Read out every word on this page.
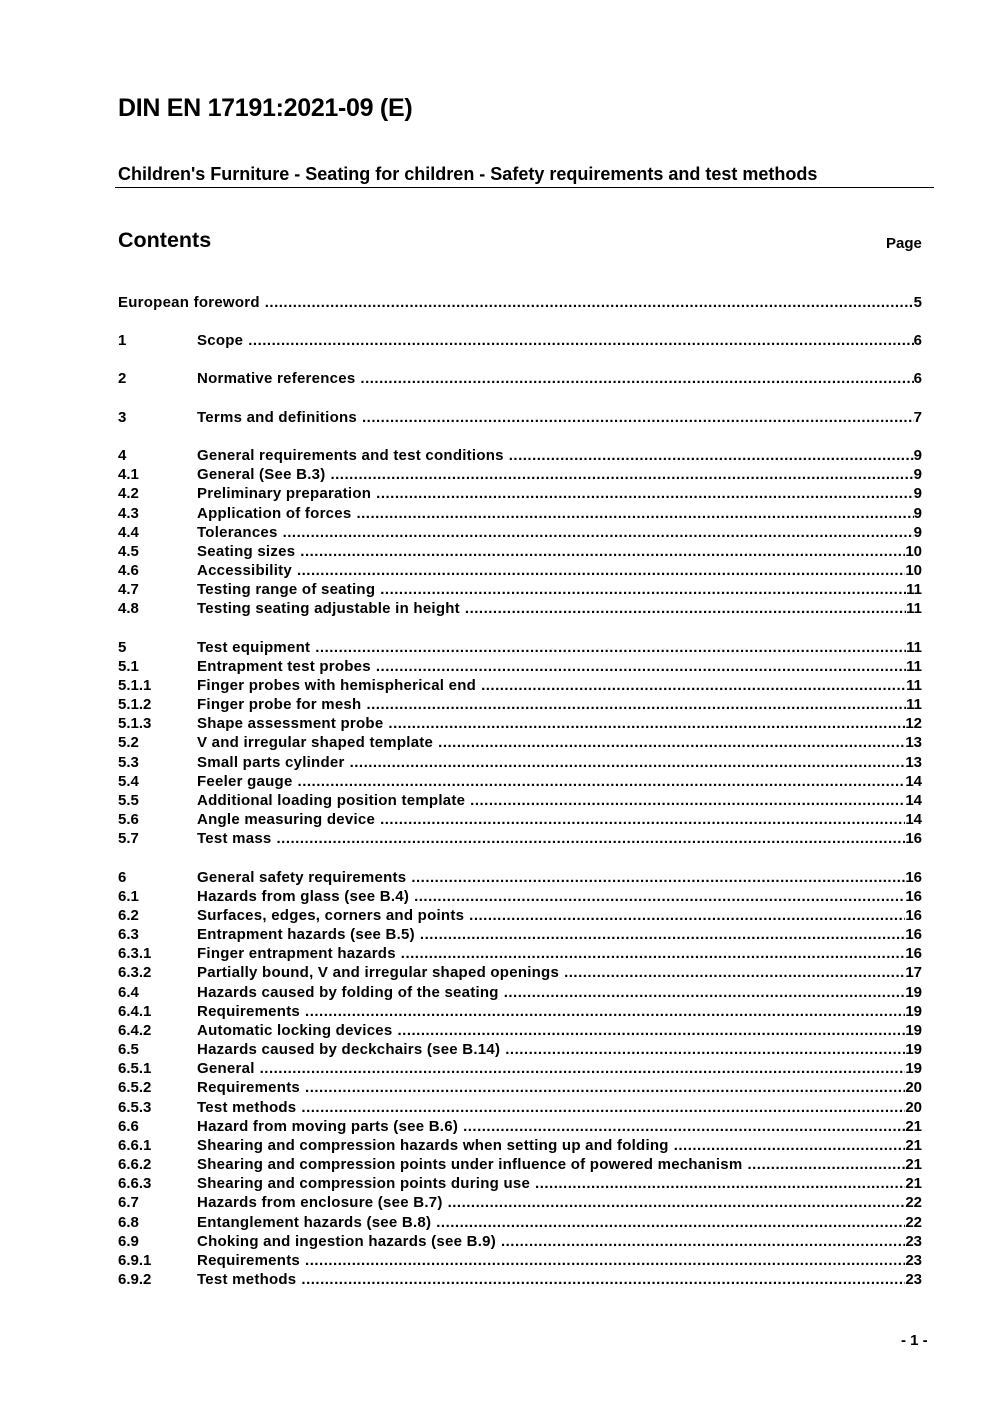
DIN EN 17191:2021-09 (E)
Children's Furniture - Seating for children - Safety requirements and test methods
Contents	Page
European foreword .....	5
1	Scope .....	6
2	Normative references .....	6
3	Terms and definitions .....	7
4	General requirements and test conditions .....	9
4.1	General (See B.3) .....	9
4.2	Preliminary preparation .....	9
4.3	Application of forces .....	9
4.4	Tolerances .....	9
4.5	Seating sizes .....	10
4.6	Accessibility .....	10
4.7	Testing range of seating .....	11
4.8	Testing seating adjustable in height .....	11
5	Test equipment .....	11
5.1	Entrapment test probes .....	11
5.1.1	Finger probes with hemispherical end .....	11
5.1.2	Finger probe for mesh .....	11
5.1.3	Shape assessment probe .....	12
5.2	V and irregular shaped template .....	13
5.3	Small parts cylinder .....	13
5.4	Feeler gauge .....	14
5.5	Additional loading position template .....	14
5.6	Angle measuring device .....	14
5.7	Test mass .....	16
6	General safety requirements .....	16
6.1	Hazards from glass (see B.4) .....	16
6.2	Surfaces, edges, corners and points .....	16
6.3	Entrapment hazards (see B.5) .....	16
6.3.1	Finger entrapment hazards .....	16
6.3.2	Partially bound, V and irregular shaped openings .....	17
6.4	Hazards caused by folding of the seating .....	19
6.4.1	Requirements .....	19
6.4.2	Automatic locking devices .....	19
6.5	Hazards caused by deckchairs (see B.14) .....	19
6.5.1	General .....	19
6.5.2	Requirements .....	20
6.5.3	Test methods .....	20
6.6	Hazard from moving parts (see B.6) .....	21
6.6.1	Shearing and compression hazards when setting up and folding .....	21
6.6.2	Shearing and compression points under influence of powered mechanism .....	21
6.6.3	Shearing and compression points during use .....	21
6.7	Hazards from enclosure (see B.7) .....	22
6.8	Entanglement hazards (see B.8) .....	22
6.9	Choking and ingestion hazards (see B.9) .....	23
6.9.1	Requirements .....	23
6.9.2	Test methods .....	23
- 1 -
